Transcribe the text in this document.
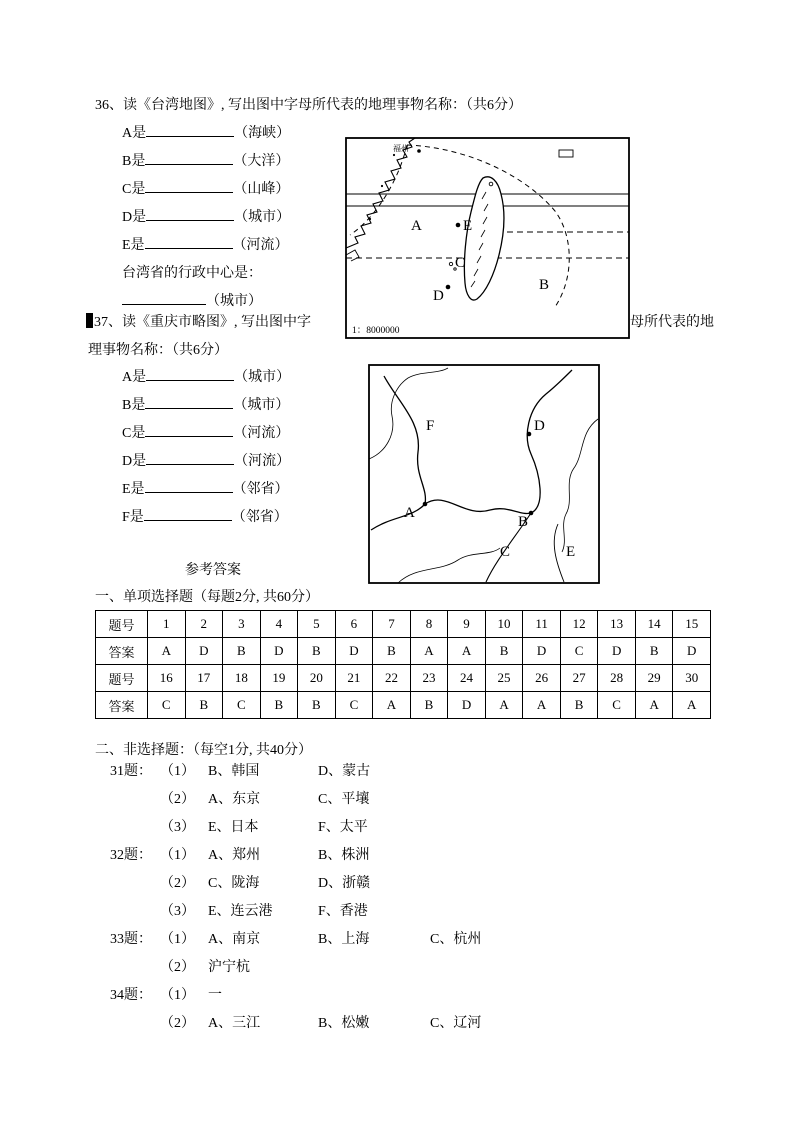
36、读《台湾地图》, 写出图中字母所代表的地理事物名称：（共6分）
A是	（海峡）
B是	（大洋）
C是	（山峰）
D是	（城市）
E是	（河流）
台湾省的行政中心是：
（城市）
A	E
C
D
B
福州
1：8000000
37、读《重庆市略图》, 写出图中字	母所代表的地
理事物名称：（共6分）
A是	（城市）
B是	（城市）
C是	（河流）
D是	（河流）
E是	（邻省）
F是	（邻省）
F	D
A
B
C	E
参考答案
一、单项选择题（每题2分, 共60分）
题号	1	2	3	4	5	6	7	8	9	10	11	12	13	14	15
答案	A	D	B	D	B	D	B	A	A	B	D	C	D	B	D
题号	16	17	18	19	20	21	22	23	24	25	26	27	28	29	30
答案	C	B	C	B	B	C	A	B	D	A	A	B	C	A	A
二、非选择题：（每空1分, 共40分）
31题： （1） B、韩国	D、蒙古
（2） A、东京	C、平壤
（3） E、日本	F、太平
32题： （1） A、郑州	B、株洲
（2） C、陇海	D、浙赣
（3） E、连云港	F、香港
33题： （1） A、南京	B、上海	C、杭州
（2） 沪宁杭
34题： （1） 一
（2） A、三江	B、松嫩	C、辽河
